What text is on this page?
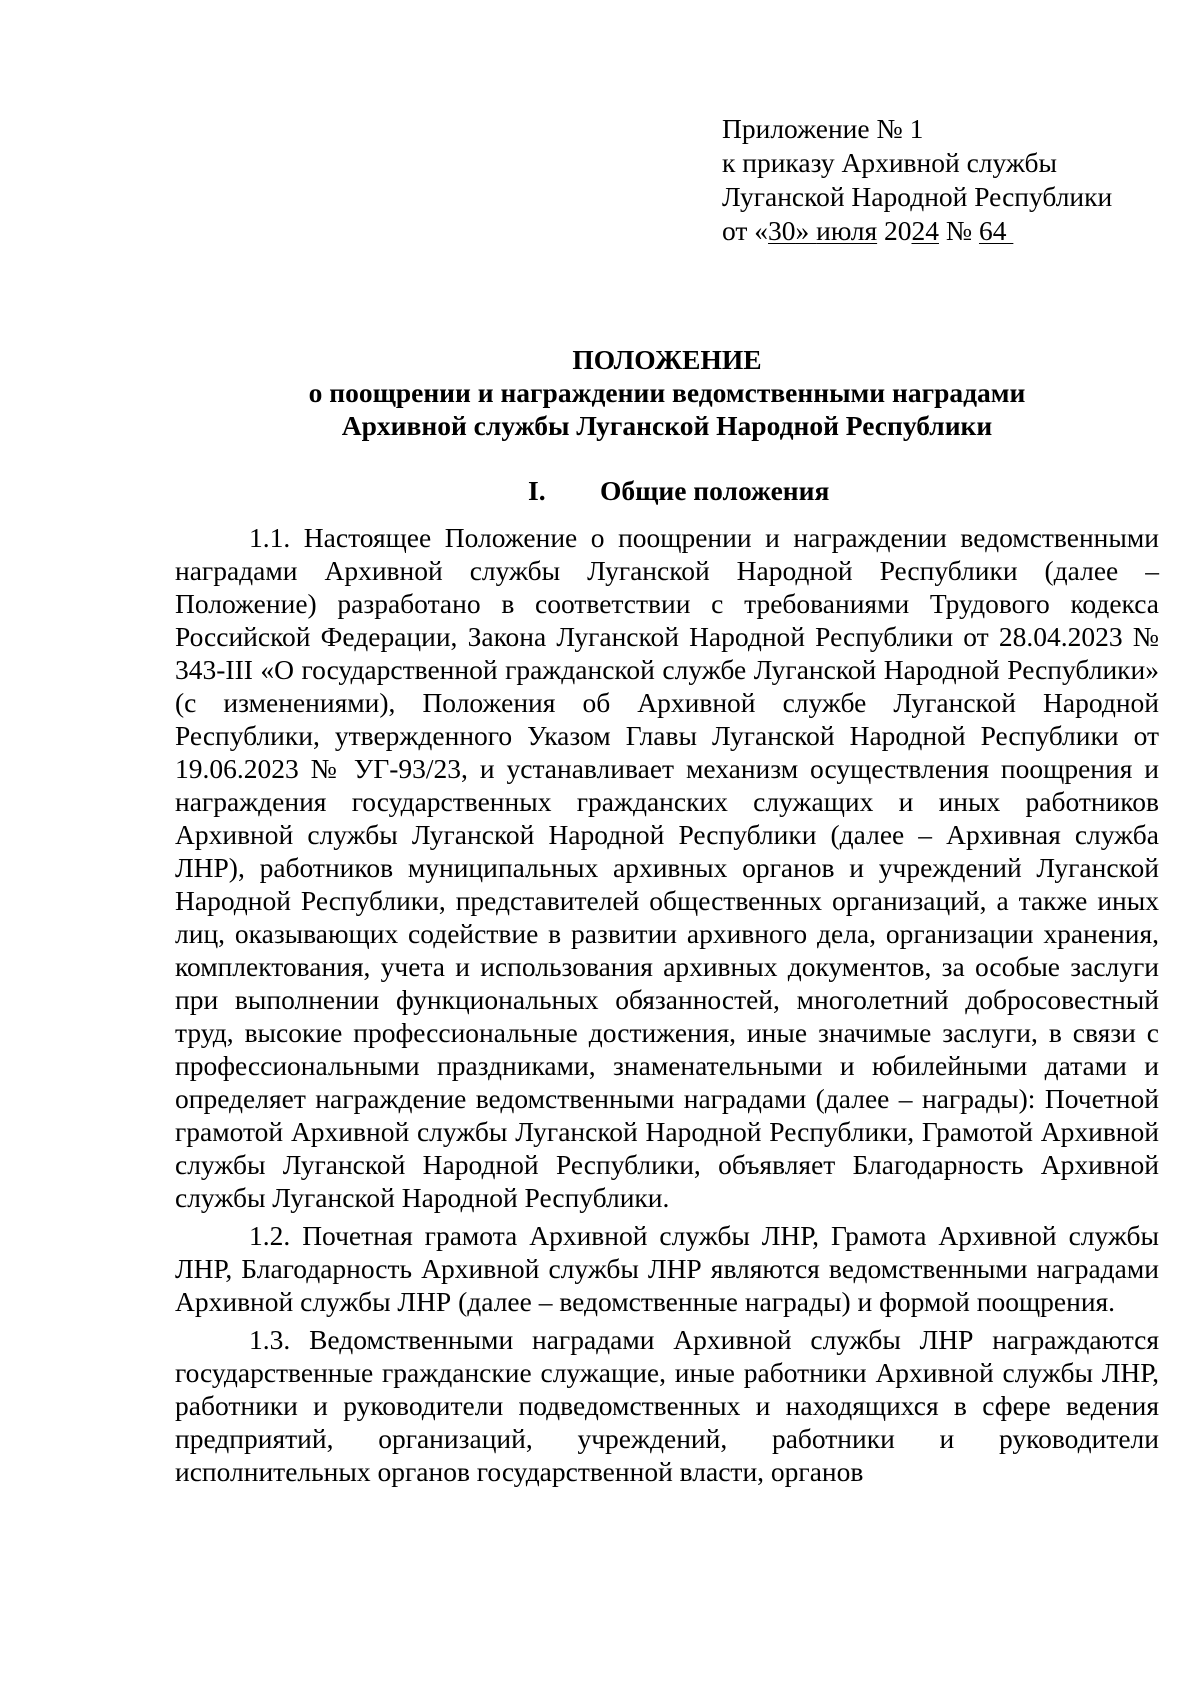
Приложение № 1
к приказу Архивной службы
Луганской Народной Республики
от «30» июля 2024 № 64
ПОЛОЖЕНИЕ
о поощрении и награждении ведомственными наградами
Архивной службы Луганской Народной Республики
I. Общие положения

1.1. Настоящее Положение о поощрении и награждении ведомственными наградами Архивной службы Луганской Народной Республики (далее – Положение) разработано в соответствии с требованиями Трудового кодекса Российской Федерации, Закона Луганской Народной Республики от 28.04.2023 № 343-III «О государственной гражданской службе Луганской Народной Республики» (с изменениями), Положения об Архивной службе Луганской Народной Республики, утвержденного Указом Главы Луганской Народной Республики от 19.06.2023 № УГ-93/23, и устанавливает механизм осуществления поощрения и награждения государственных гражданских служащих и иных работников Архивной службы Луганской Народной Республики (далее – Архивная служба ЛНР), работников муниципальных архивных органов и учреждений Луганской Народной Республики, представителей общественных организаций, а также иных лиц, оказывающих содействие в развитии архивного дела, организации хранения, комплектования, учета и использования архивных документов, за особые заслуги при выполнении функциональных обязанностей, многолетний добросовестный труд, высокие профессиональные достижения, иные значимые заслуги, в связи с профессиональными праздниками, знаменательными и юбилейными датами и определяет награждение ведомственными наградами (далее – награды): Почетной грамотой Архивной службы Луганской Народной Республики, Грамотой Архивной службы Луганской Народной Республики, объявляет Благодарность Архивной службы Луганской Народной Республики.

1.2. Почетная грамота Архивной службы ЛНР, Грамота Архивной службы ЛНР, Благодарность Архивной службы ЛНР являются ведомственными наградами Архивной службы ЛНР (далее – ведомственные награды) и формой поощрения.

1.3. Ведомственными наградами Архивной службы ЛНР награждаются государственные гражданские служащие, иные работники Архивной службы ЛНР, работники и руководители подведомственных и находящихся в сфере ведения предприятий, организаций, учреждений, работники и руководители исполнительных органов государственной власти, органов
